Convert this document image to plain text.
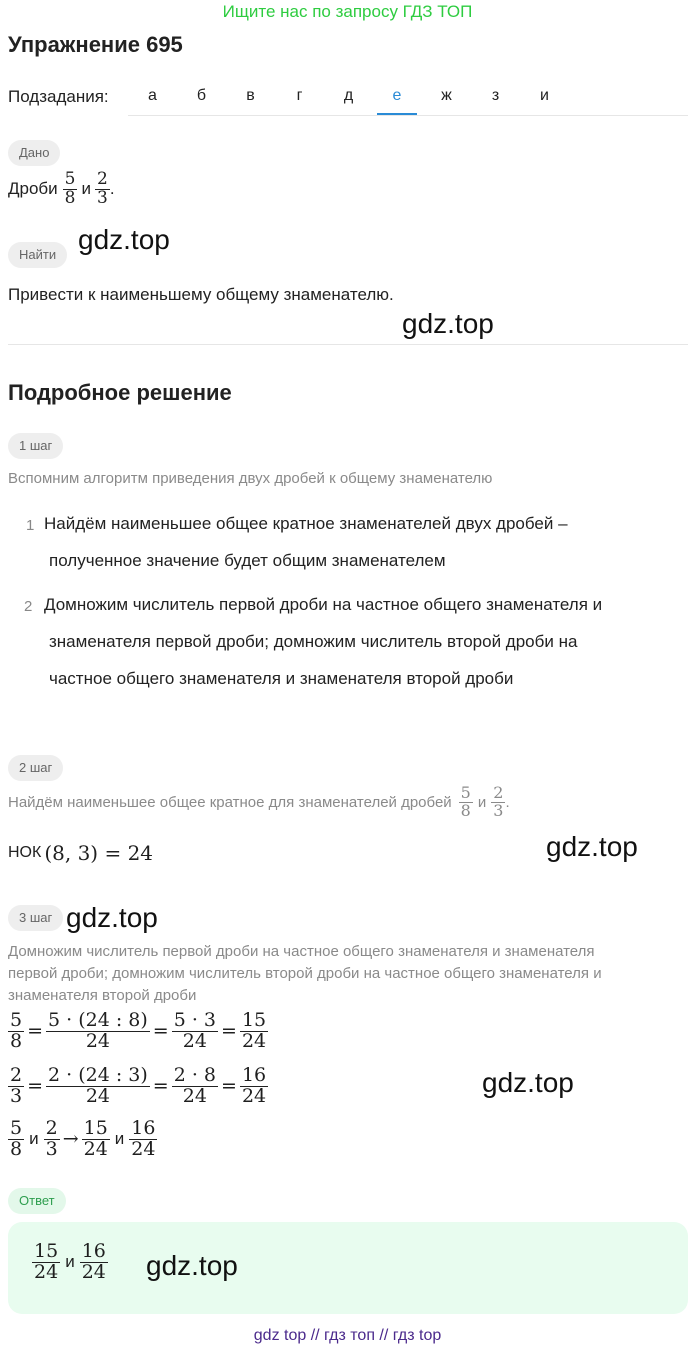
Ищите нас по запросу ГДЗ ТОП
Упражнение 695
Подзадания:	а	б	в	г	д	е	ж	з	и
Дано
Дроби $\frac{5}{8}$ и $\frac{2}{3}$ .
gdz.top
Найти
Привести к наименьшему общему знаменателю.
gdz.top
Подробное решение
1 шаг
Вспомним алгоритм приведения двух дробей к общему знаменателю
1 Найдём наименьшее общее кратное знаменателей двух дробей –
полученное значение будет общим знаменателем
2 Домножим числитель первой дроби на частное общего знаменателя и
знаменателя первой дроби; домножим числитель второй дроби на
частное общего знаменателя и знаменателя второй дроби
2 шаг
Найдём наименьшее общее кратное для знаменателей дробей $\frac{5}{8}$ и $\frac{2}{3}$ .
НОК (8, 3) = 24	gdz.top
3 шаг gdz.top
Домножим числитель первой дроби на частное общего знаменателя и знаменателя
первой дроби; домножим числитель второй дроби на частное общего знаменателя и
знаменателя второй дроби
$\frac{5}{8} = \frac{5 \cdot (24 : 8)}{24} = \frac{5 \cdot 3}{24} = \frac{15}{24}$
$\frac{2}{3} = \frac{2 \cdot (24 : 3)}{24} = \frac{2 \cdot 8}{24} = \frac{16}{24}$	gdz.top
$\frac{5}{8}$ и $\frac{2}{3} \to \frac{15}{24}$ и $\frac{16}{24}$
Ответ
$\frac{15}{24}$ и $\frac{16}{24} gdz.top$
gdz top // гдз топ // гдз top
